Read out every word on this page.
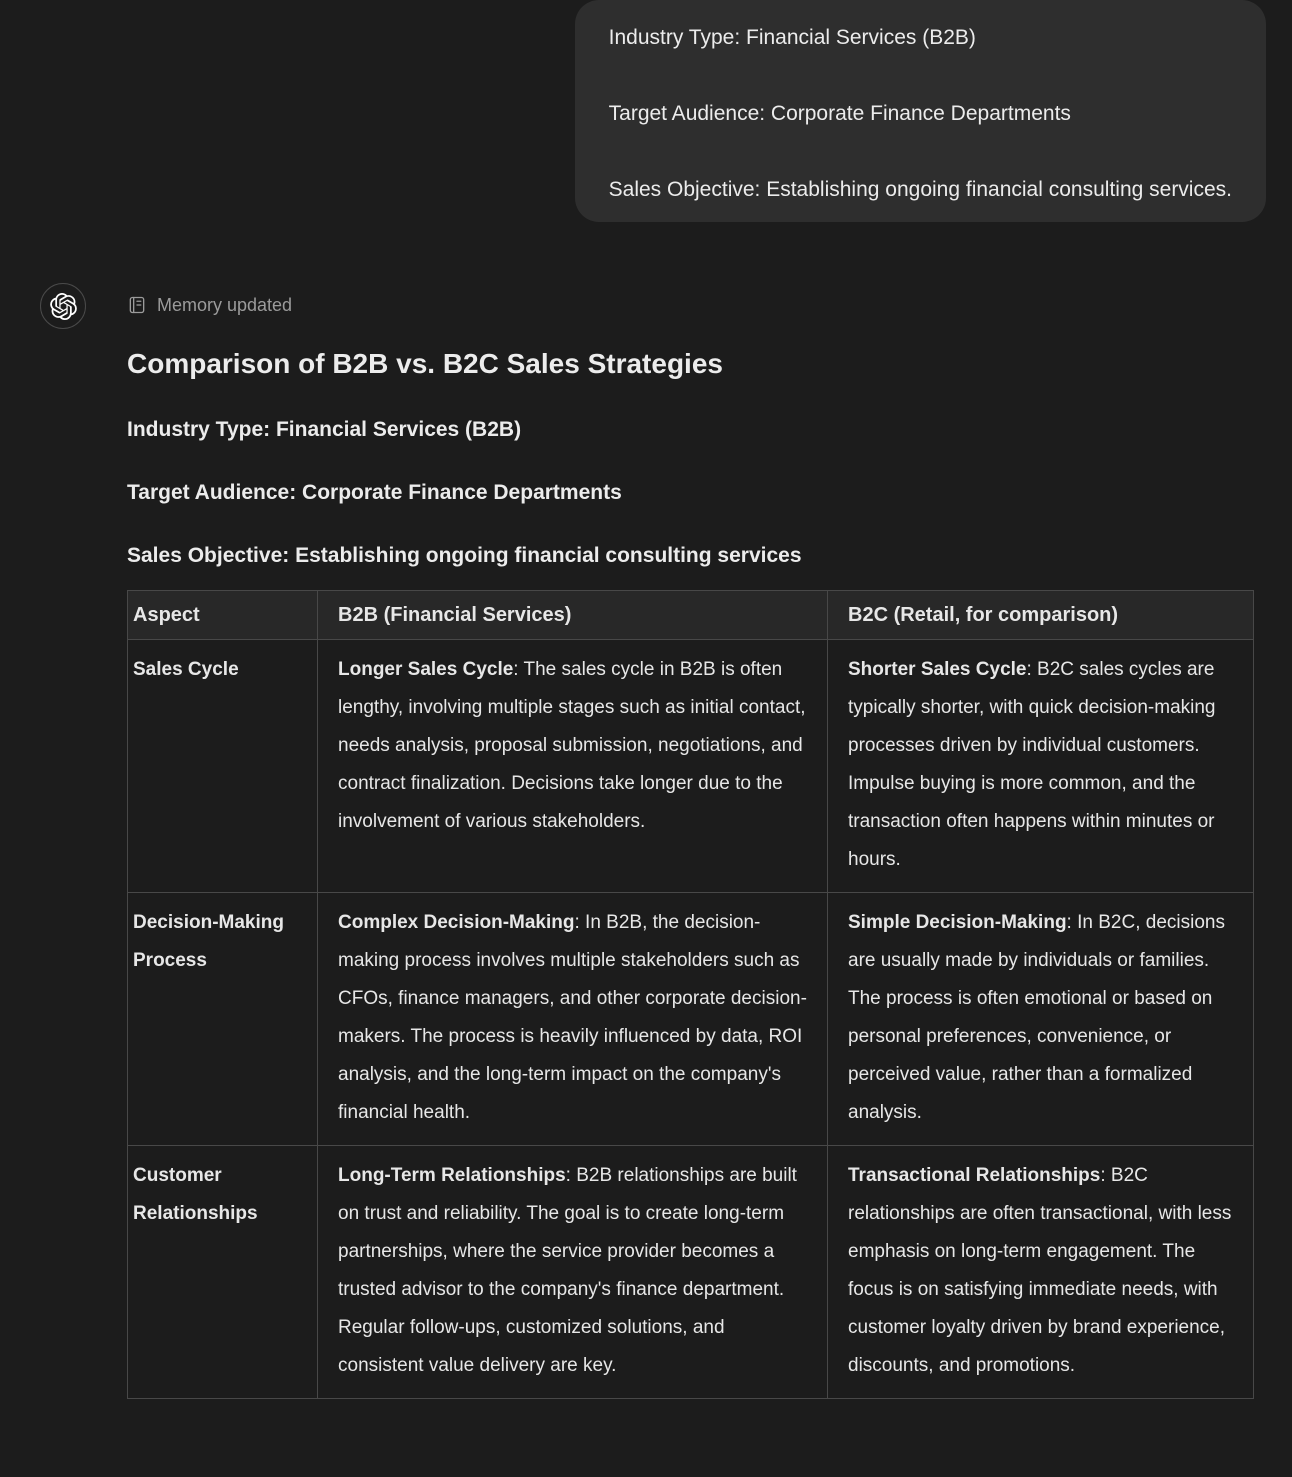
Industry Type: Financial Services (B2B)

Target Audience: Corporate Finance Departments

Sales Objective: Establishing ongoing financial consulting services.

Memory updated
Comparison of B2B vs. B2C Sales Strategies

Industry Type: Financial Services (B2B)

Target Audience: Corporate Finance Departments

Sales Objective: Establishing ongoing financial consulting services

Aspect	B2B (Financial Services)	B2C (Retail, for comparison)
Sales Cycle	Longer Sales Cycle: The sales cycle in B2B is often lengthy, involving multiple stages such as initial contact, needs analysis, proposal submission, negotiations, and contract finalization. Decisions take longer due to the involvement of various stakeholders.	Shorter Sales Cycle: B2C sales cycles are typically shorter, with quick decision-making processes driven by individual customers. Impulse buying is more common, and the transaction often happens within minutes or hours.
Decision-Making Process	Complex Decision-Making: In B2B, the decision-making process involves multiple stakeholders such as CFOs, finance managers, and other corporate decision-makers. The process is heavily influenced by data, ROI analysis, and the long-term impact on the company's financial health.	Simple Decision-Making: In B2C, decisions are usually made by individuals or families. The process is often emotional or based on personal preferences, convenience, or perceived value, rather than a formalized analysis.
Customer Relationships	Long-Term Relationships: B2B relationships are built on trust and reliability. The goal is to create long-term partnerships, where the service provider becomes a trusted advisor to the company's finance department. Regular follow-ups, customized solutions, and consistent value delivery are key.	Transactional Relationships: B2C relationships are often transactional, with less emphasis on long-term engagement. The focus is on satisfying immediate needs, with customer loyalty driven by brand experience, discounts, and promotions.
